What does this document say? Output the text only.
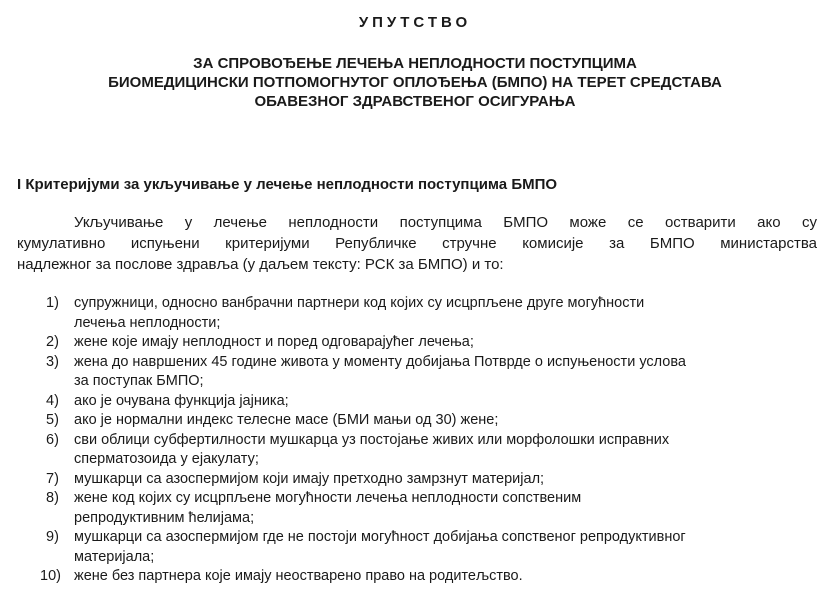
УПУТСТВО
ЗА СПРОВОЂЕЊЕ ЛЕЧЕЊА НЕПЛОДНОСТИ ПОСТУПЦИМА
БИОМЕДИЦИНСКИ ПОТПОМОГНУТОГ ОПЛОЂЕЊА (БМПО) НА ТЕРЕТ СРЕДСТАВА
ОБАВЕЗНОГ ЗДРАВСТВЕНОГ ОСИГУРАЊА
I Критеријуми за укључивање у лечење неплодности поступцима БМПО
Укључивање у лечење неплодности поступцима БМПО може се остварити ако су
кумулативно испуњени критеријуми Републичке стручне комисије за БМПО министарства
надлежног за послове здравља (у даљем тексту: РСК за БМПО) и то:
1)	супружници, односно ванбрачни партнери код којих су исцрпљене друге могућности
лечења неплодности;
2)	жене које имају неплодност и поред одговарајућег лечења;
3)	жена до навршених 45 године живота у моменту добијања Потврде о испуњености услова
за поступак БМПО;
4)	ако је очувана функција јајника;
5)	ако је нормални индекс телесне масе (БМИ мањи од 30) жене;
6)	сви облици субфертилности мушкарца уз постојање живих или морфолошки исправних
сперматозоида у ејакулату;
7)	мушкарци са азоспермијом који имају претходно замрзнут материјал;
8)	жене код којих су исцрпљене могућности лечења неплодности сопственим
репродуктивним ћелијама;
9)	мушкарци са азоспермијом где не постоји могућност добијања сопственог репродуктивног
материјала;
10) жене без партнера које имају неостварено право на родитељство.
